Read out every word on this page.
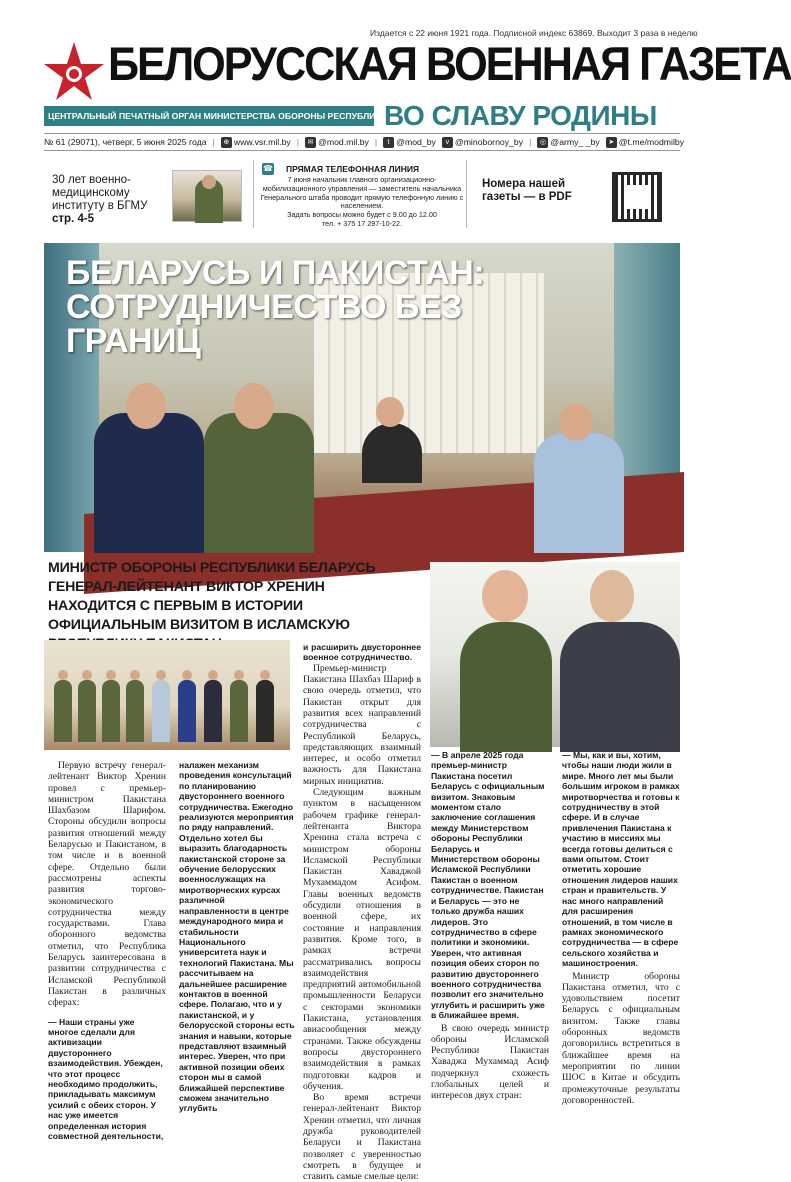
Издается с 22 июня 1921 года. Подписной индекс 63869. Выходит 3 раза в неделю
БЕЛОРУССКАЯ ВОЕННАЯ ГАЗЕТА
ЦЕНТРАЛЬНЫЙ ПЕЧАТНЫЙ ОРГАН МИНИСТЕРСТВА ОБОРОНЫ РЕСПУБЛИКИ БЕЛАРУСЬ
ВО СЛАВУ РОДИНЫ
№ 61 (29071), четверг, 5 июня 2025 года |	⊕ www.vsr.mil.by |	✉ @mod.mil.by |	t @mod_by	v @minobornoy_by |	◎ @army_ _by	➤ @t.me/modmilby
30 лет военно-медицинскому институту в БГМУ
стр. 4-5
☎ ПРЯМАЯ ТЕЛЕФОННАЯ ЛИНИЯ
7 июня начальник главного организационно-мобилизационного управления — заместитель начальника Генерального штаба проводит прямую телефонную линию с населением.
Задать вопросы можно будет с 9.00 до 12.00
тел. + 375 17 297-10-22.
Номера нашей газеты — в PDF
БЕЛАРУСЬ И ПАКИСТАН: СОТРУДНИЧЕСТВО БЕЗ ГРАНИЦ
МИНИСТР ОБОРОНЫ РЕСПУБЛИКИ БЕЛАРУСЬ ГЕНЕРАЛ-ЛЕЙТЕНАНТ ВИКТОР ХРЕНИН НАХОДИТСЯ С ПЕРВЫМ В ИСТОРИИ ОФИЦИАЛЬНЫМ ВИЗИТОМ В ИСЛАМСКУЮ

Первую встречу генерал-лейтенант Виктор Хренин провел с премьер-министром Пакистана Шахбазом Шарифом. Стороны обсудили вопросы развития отношений между Беларусью и Пакистаном, в том числе и в военной сфере. Отдельно были рассмотрены аспекты развития торгово-экономического сотрудничества между государствами. Глава оборонного ведомства отметил, что Республика Беларусь заинтересована в развитии сотрудничества с Исламской Республикой Пакистан в различных сферах:

— Наши страны уже многое сделали для активизации двустороннего взаимодействия. Убежден, что этот процесс необходимо продолжить, прикладывать максимум усилий с обеих сторон. У нас уже имеется определенная история совместной деятельности,
налажен механизм проведения консультаций по планированию двустороннего военного сотрудничества. Ежегодно реализуются мероприятия по ряду направлений. Отдельно хотел бы выразить благодарность пакистанской стороне за обучение белорусских военнослужащих на миротворческих курсах различной направленности в центре международного мира и стабильности Национального университета наук и технологий Пакистана. Мы рассчитываем на дальнейшее расширение контактов в военной сфере. Полагаю, что и у пакистанской, и у белорусской стороны есть знания и навыки, которые представляют взаимный интерес. Уверен, что при активной позиции обеих сторон мы в самой ближайшей перспективе сможем значительно углубить

и расширить двустороннее военное сотрудничество.

Премьер-министр Пакистана Шахбаз Шариф в свою очередь отметил, что Пакистан открыт для развития всех направлений сотрудничества с Республикой Беларусь, представляющих взаимный интерес, и особо отметил важность для Пакистана мирных инициатив.

Следующим важным пунктом в насыщенном рабочем графике генерал-лейтенанта Виктора Хренина стала встреча с министром обороны Исламской Республики Пакистан Хаваджой Мухаммадом Асифом. Главы военных ведомств обсудили отношения в военной сфере, их состояние и направления развития. Кроме того, в рамках встречи рассматривались вопросы взаимодействия предприятий автомобильной промышленности Беларуси с секторами экономики Пакистана, установления авиасообщения между странами. Также обсуждены вопросы двустороннего взаимодействия в рамках подготовки кадров и обучения.

Во время встречи генерал-лейтенант Виктор Хренин отметил, что личная дружба руководителей Беларуси и Пакистана позволяет с уверенностью смотреть в будущее и ставить самые смелые цели:

— В апреле 2025 года премьер-министр Пакистана посетил Беларусь с официальным визитом. Знаковым моментом стало заключение соглашения между Министерством обороны Республики Беларусь и Министерством обороны Исламской Республики Пакистан о военном сотрудничестве. Пакистан и Беларусь — это не только дружба наших лидеров. Это сотрудничество в сфере политики и экономики. Уверен, что активная позиция обеих сторон по развитию двустороннего военного сотрудничества позволит его значительно углубить и расширить уже в ближайшее время.
В свою очередь министр обороны Исламской Республики Пакистан Хаваджа Мухаммад Асиф подчеркнул схожесть глобальных целей и интересов двух стран:
— Мы, как и вы, хотим, чтобы наши люди жили в мире. Много лет мы были большим игроком в рамках миротворчества и готовы к сотрудничеству в этой сфере. И в случае привлечения Пакистана к участию в миссиях мы всегда готовы делиться с вами опытом. Стоит отметить хорошие отношения лидеров наших стран и правительств. У нас много направлений для расширения отношений, в том числе в рамках экономического сотрудничества — в сфере сельского хозяйства и машиностроения.
Министр обороны Пакистана отметил, что с удовольствием посетит Беларусь с официальным визитом. Также главы оборонных ведомств договорились встретиться в ближайшее время на мероприятии по линии ШОС в Китае и обсудить промежуточные результаты договоренностей.
